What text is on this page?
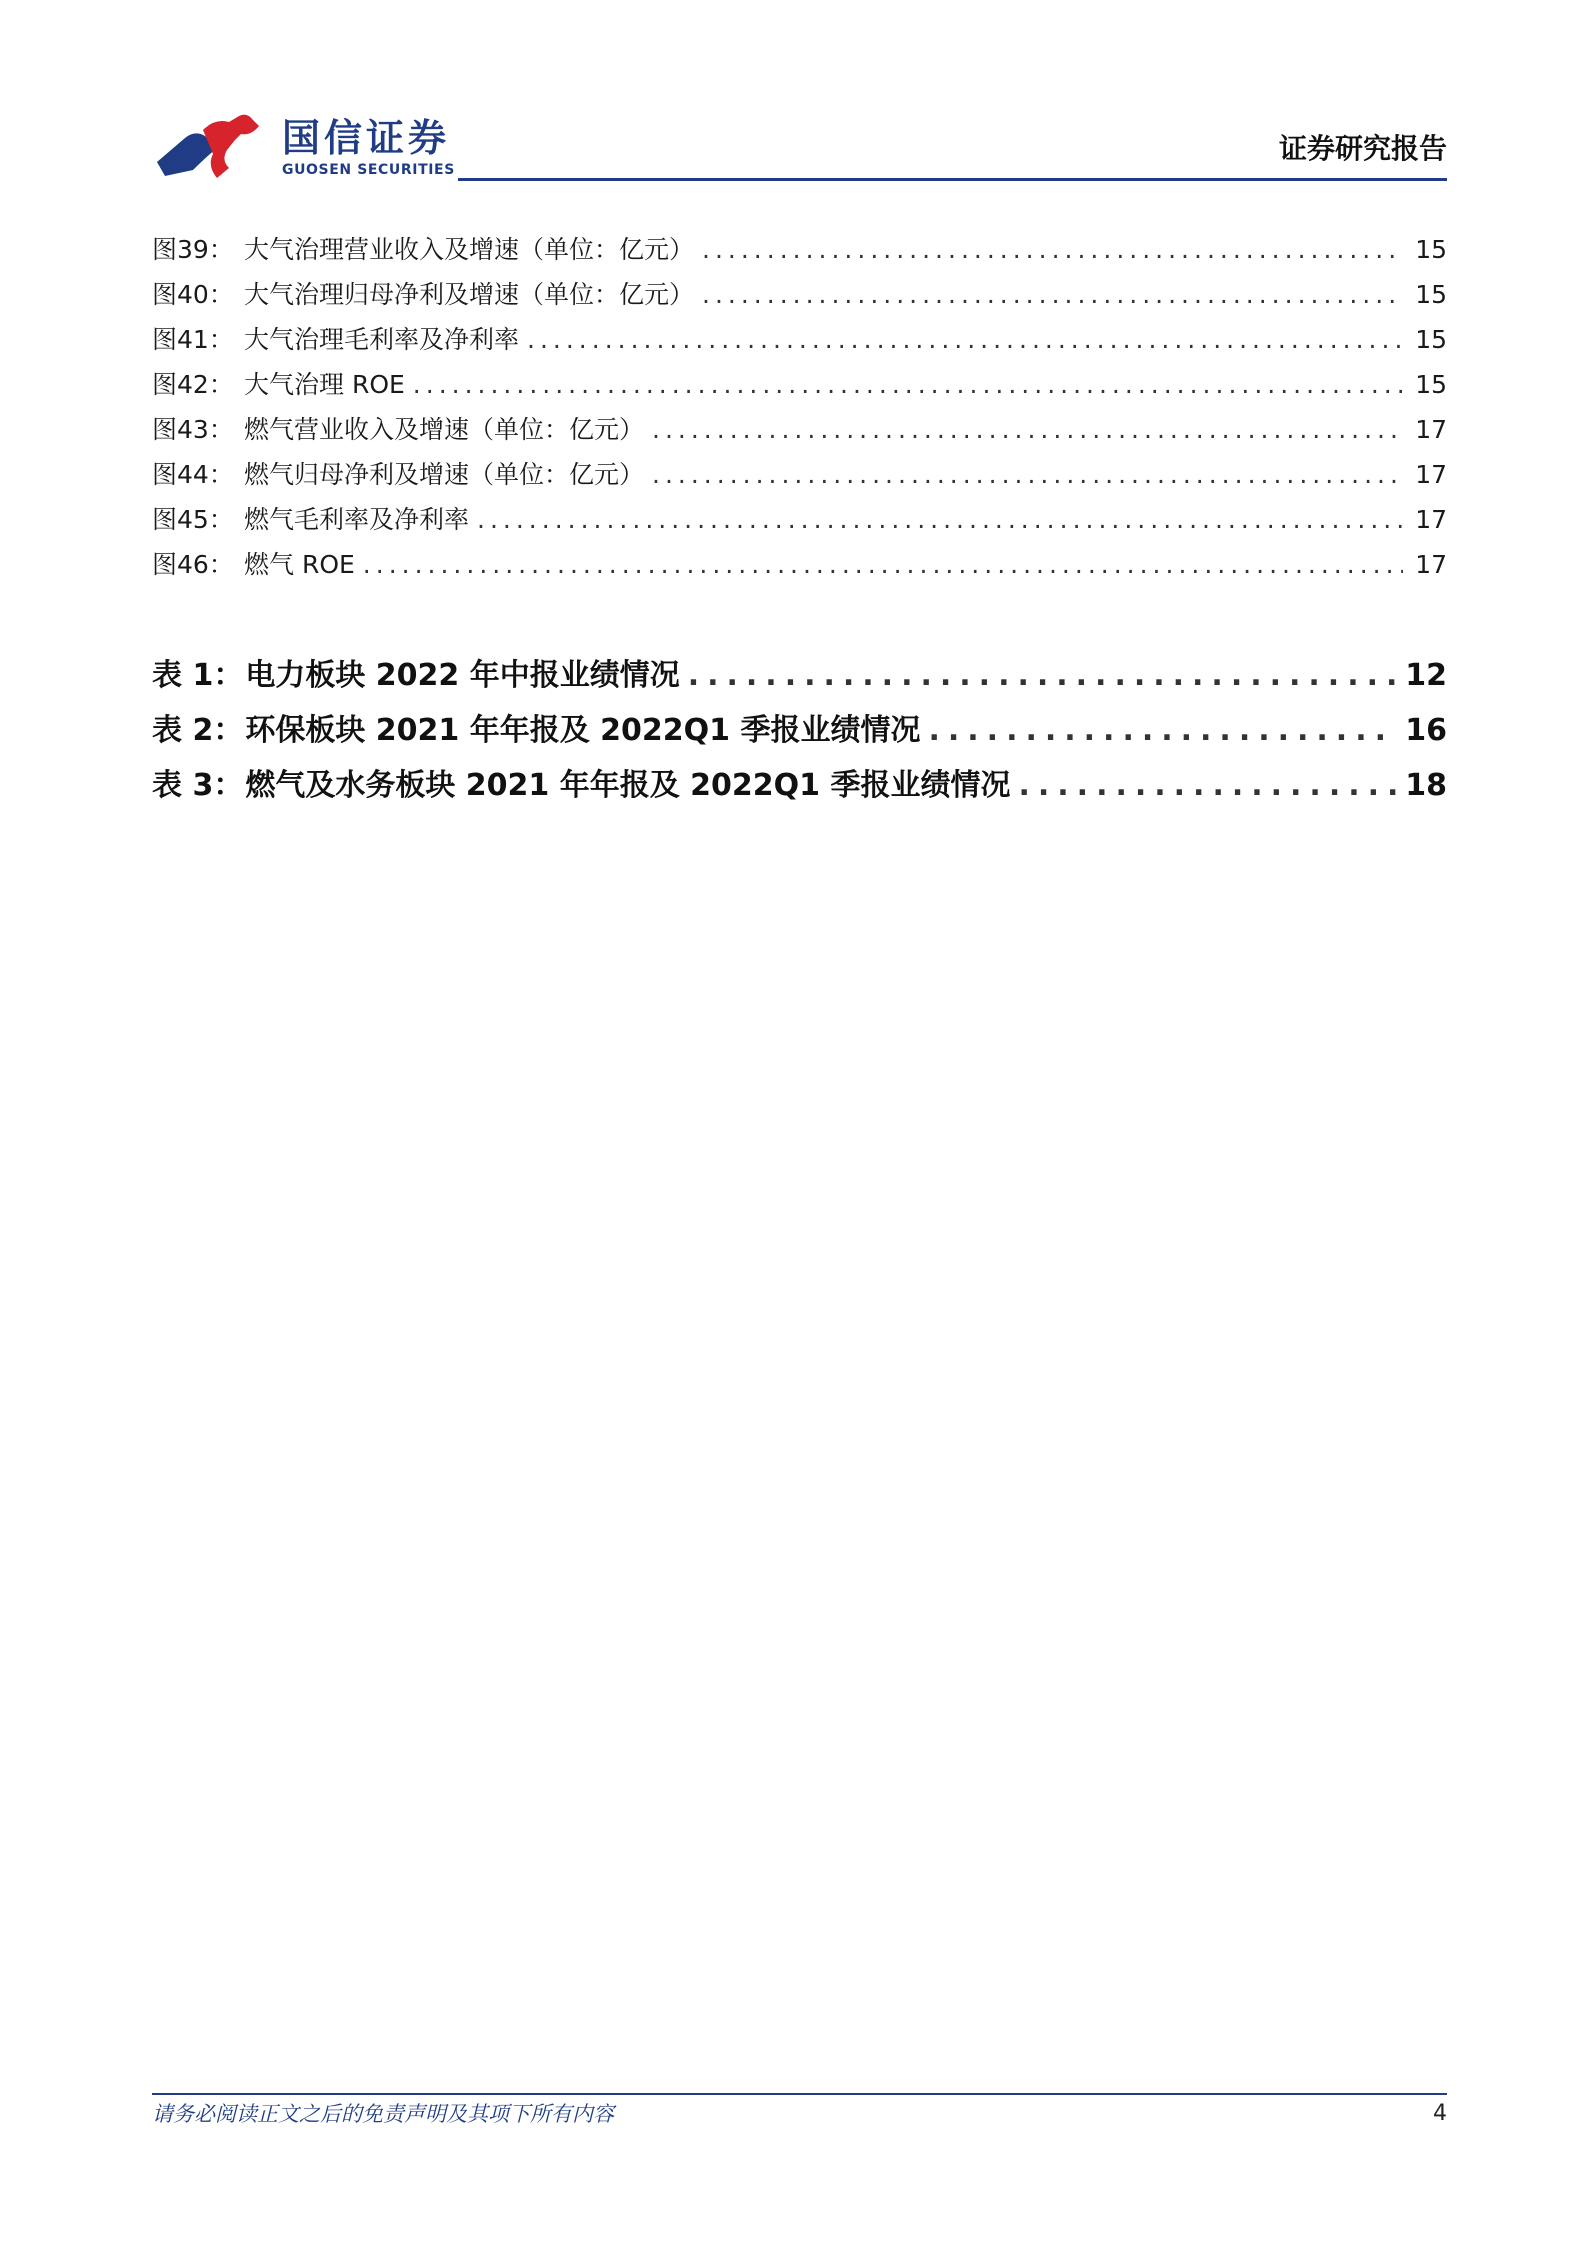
国信证券
GUOSEN SECURITIES
证券研究报告
图39： 大气治理营业收入及增速（单位：亿元） .....	15
图40： 大气治理归母净利及增速（单位：亿元） .....	15
图41： 大气治理毛利率及净利率 .....	15
图42： 大气治理 ROE .....	15
图43： 燃气营业收入及增速（单位：亿元） .....	17
图44： 燃气归母净利及增速（单位：亿元） .....	17
图45： 燃气毛利率及净利率 .....	17
图46： 燃气 ROE .....	17
表 1： 电力板块 2022 年中报业绩情况 .....	12
表 2： 环保板块 2021 年年报及 2022Q1 季报业绩情况 .....	16
表 3： 燃气及水务板块 2021 年年报及 2022Q1 季报业绩情况 .....	18
请务必阅读正文之后的免责声明及其项下所有内容	4
